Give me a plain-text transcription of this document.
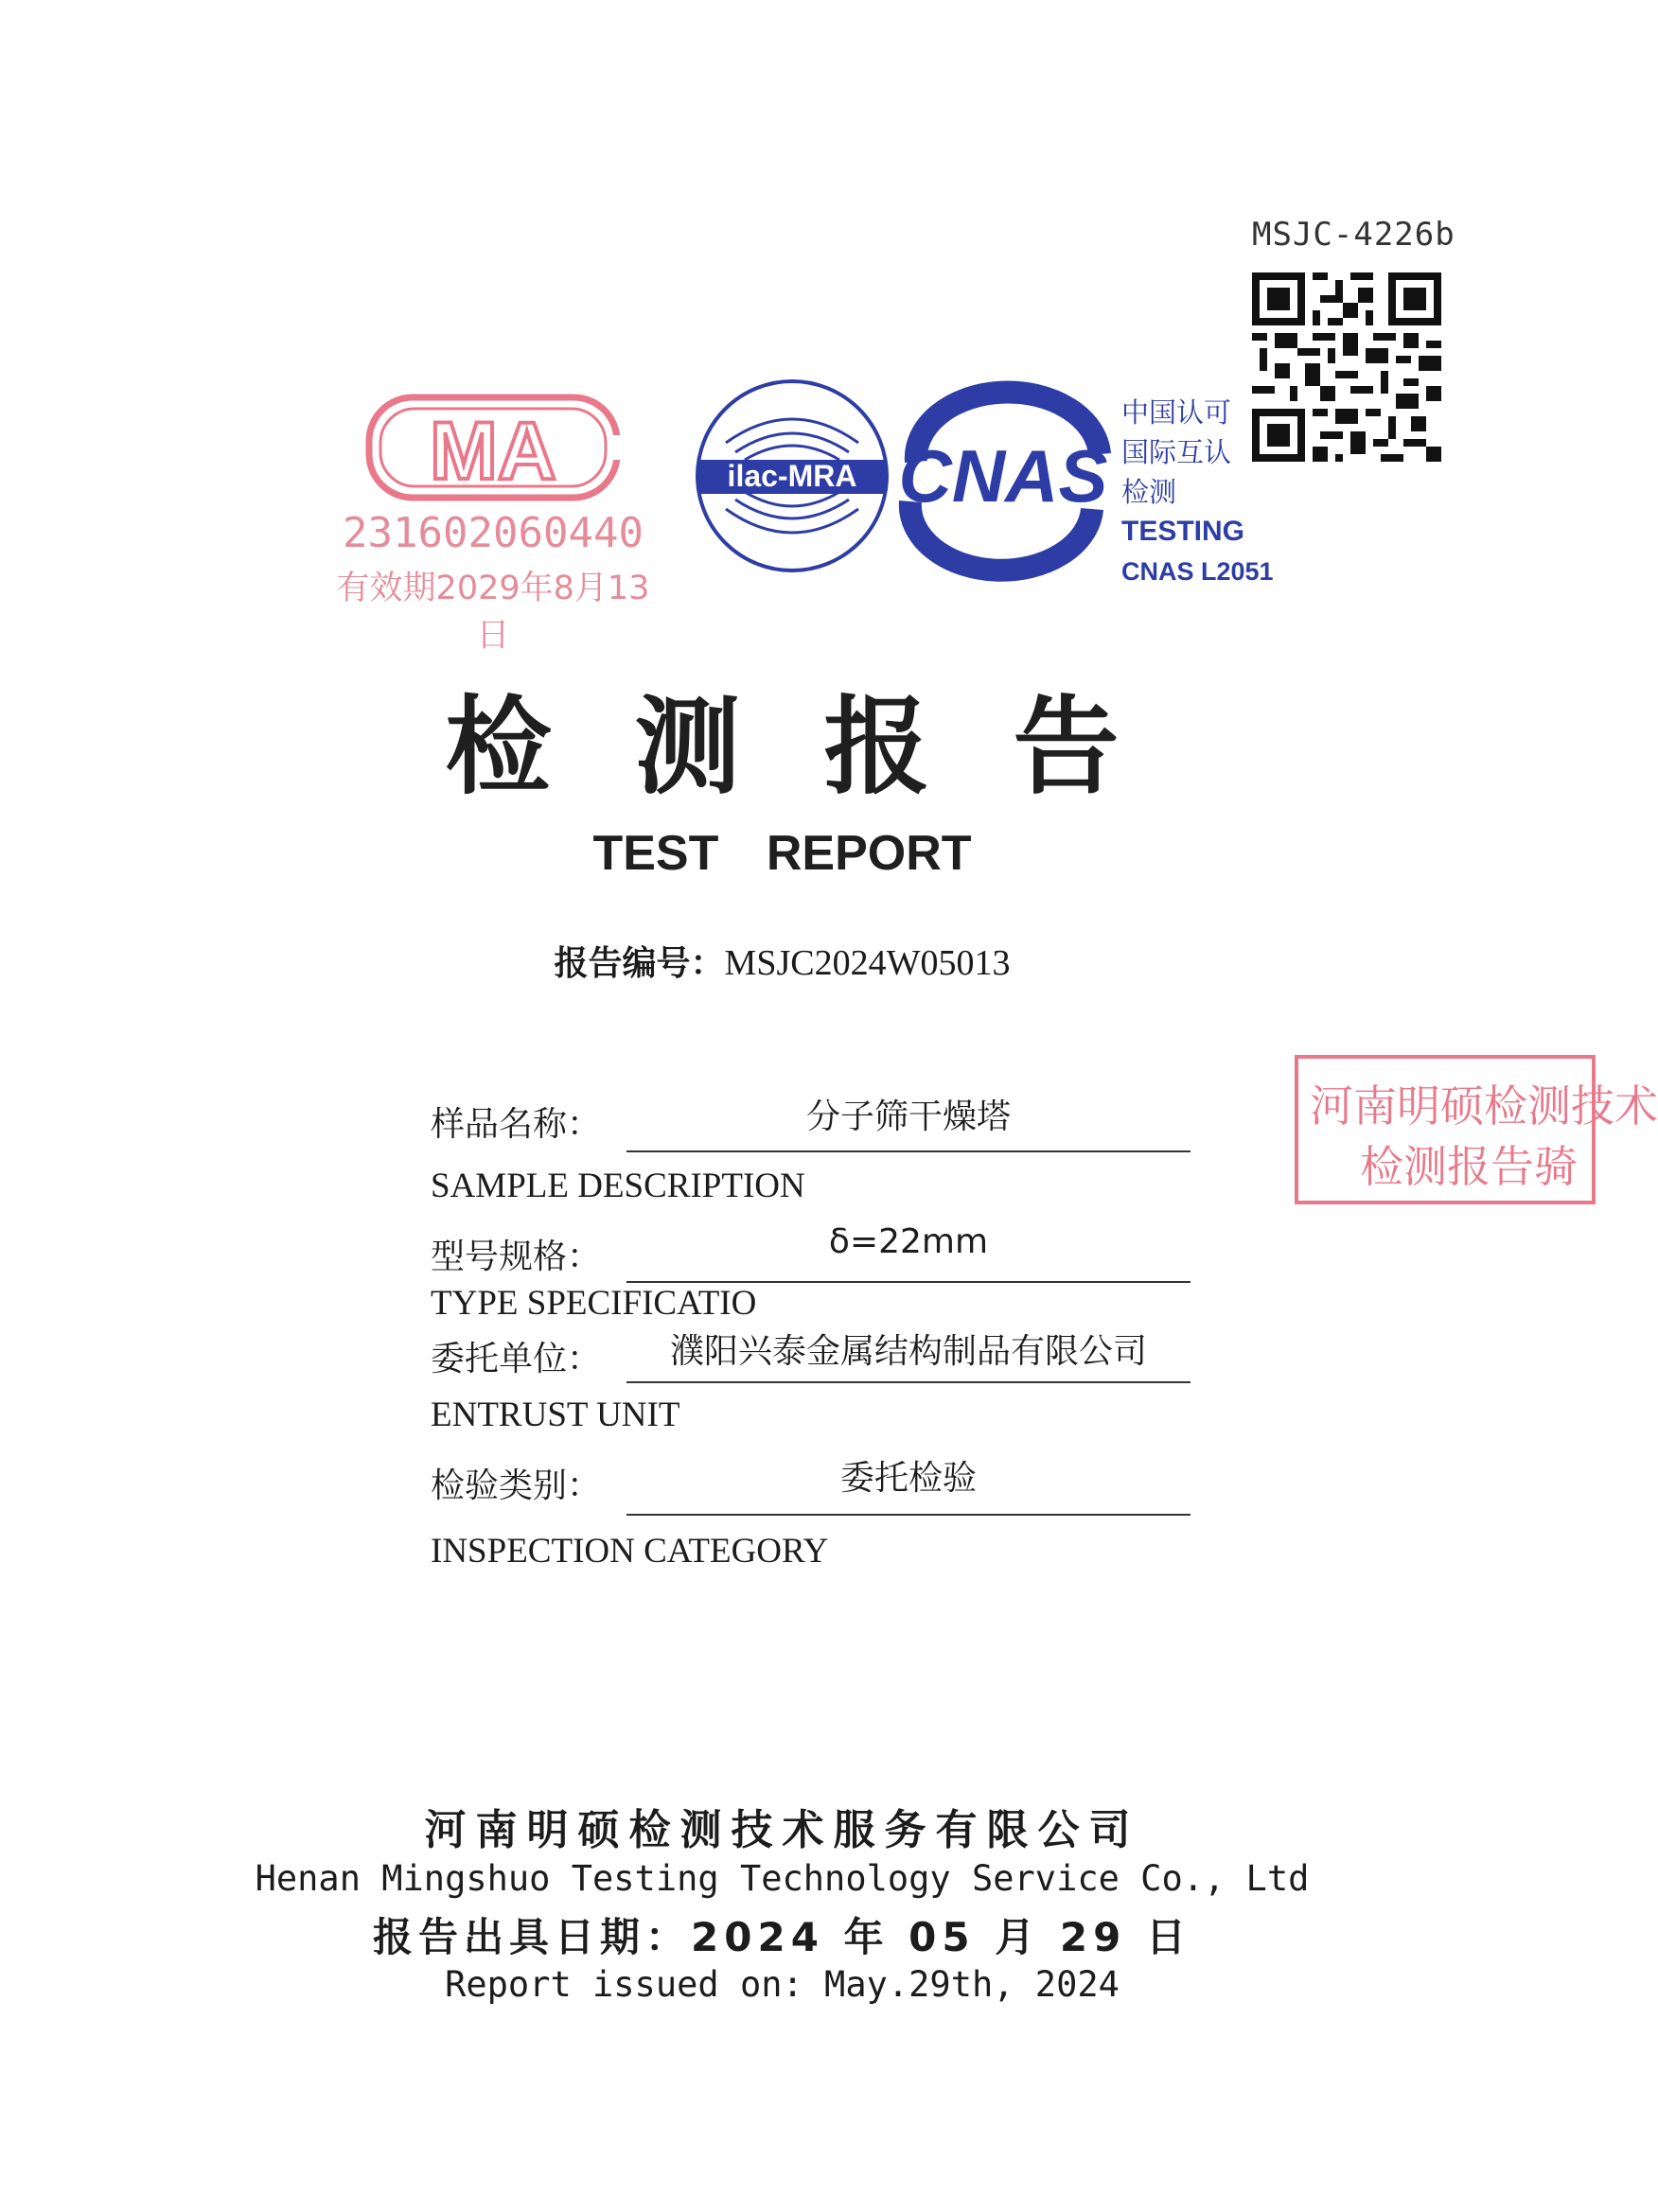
MSJC-4226b
MA
231602060440
有效期2029年8月13日
ilac-MRA CNAS
中国认可
国际互认
检测
TESTING
CNAS L2051
检测报告
TEST REPORT
报告编号：MSJC2024W05013
河南明硕检测技术
检测报告骑
样品名称：	分子筛干燥塔
SAMPLE DESCRIPTION
型号规格：	δ=22mm
TYPE SPECIFICATIO
委托单位：	濮阳兴泰金属结构制品有限公司
ENTRUST UNIT
检验类别：	委托检验
INSPECTION CATEGORY
河南明硕检测技术服务有限公司
Henan Mingshuo Testing Technology Service Co., Ltd
报告出具日期：2024 年 05 月 29 日
Report issued on: May.29th, 2024
